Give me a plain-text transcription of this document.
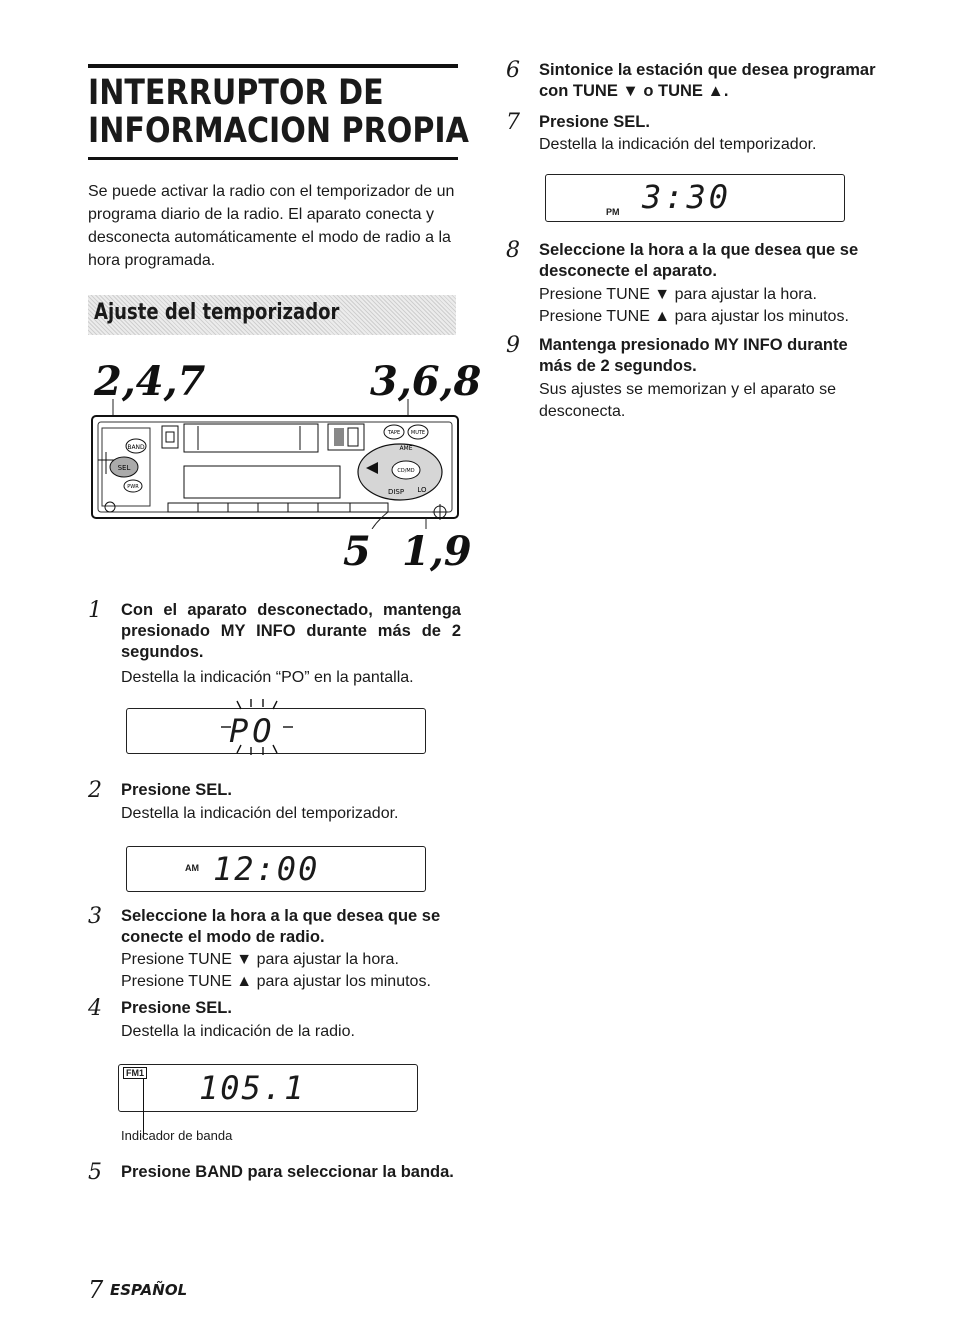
INTERRUPTOR DE
INFORMACION PROPIA
Se puede activar la radio con el temporizador de un programa diario de la radio. El aparato conecta y desconecta automáticamente el modo de radio a la hora programada.
Ajuste del temporizador
2,4,7	3,6,8
BAND
SEL
PWR
TAPE MUTE
AME
CD/MD
DISP LO
5 1,9
1	Con el aparato desconectado, mantenga presionado MY INFO durante más de 2 segundos.
Destella la indicación “PO” en la pantalla.
PO
2	Presione SEL.
Destella la indicación del temporizador.
AM 12:00
3	Seleccione la hora a la que desea que se conecte el modo de radio.
Presione TUNE ▼ para ajustar la hora.
Presione TUNE ▲ para ajustar los minutos.
4	Presione SEL.
Destella la indicación de la radio.
FM1 105.1
Indicador de banda
5	Presione BAND para seleccionar la banda.
6	Sintonice la estación que desea programar con TUNE ▼ o TUNE ▲.
7	Presione SEL.
Destella la indicación del temporizador.
PM 3:30
8	Seleccione la hora a la que desea que se desconecte el aparato.
Presione TUNE ▼ para ajustar la hora.
Presione TUNE ▲ para ajustar los minutos.
9	Mantenga presionado MY INFO durante más de 2 segundos.
Sus ajustes se memorizan y el aparato se desconecta.
7 ESPAÑOL
